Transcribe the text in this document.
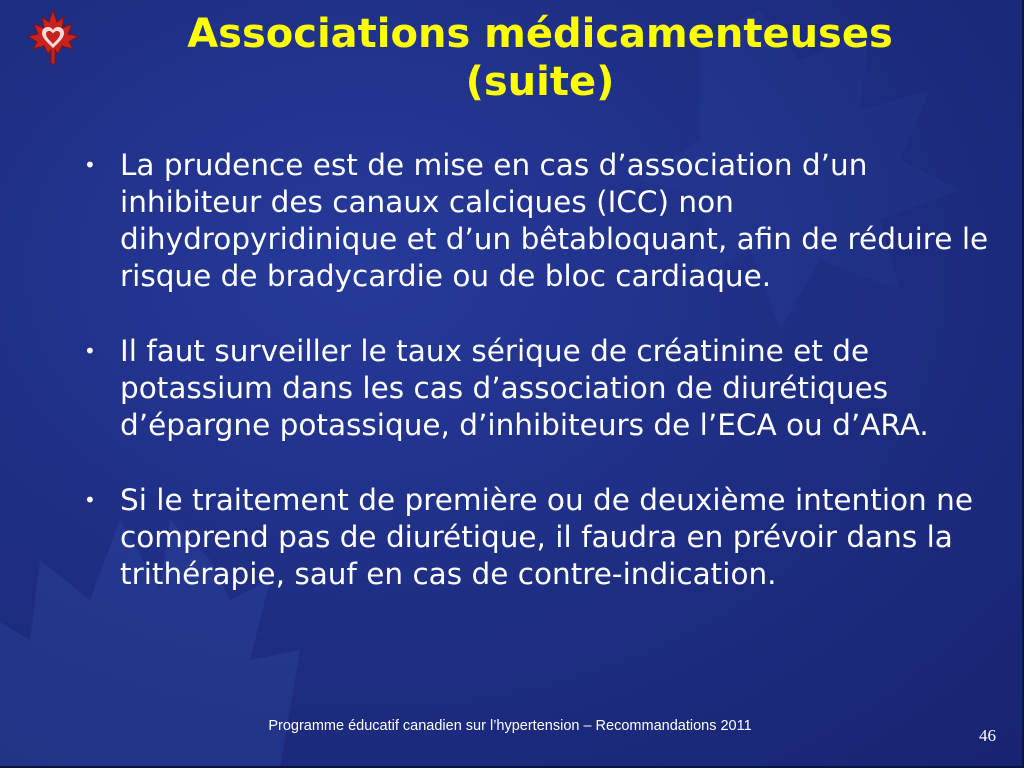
Associations médicamenteuses
(suite)
• La prudence est de mise en cas d’association d’un inhibiteur des canaux calciques (ICC) non dihydropyridinique et d’un bêtabloquant, afin de réduire le risque de bradycardie ou de bloc cardiaque.
• Il faut surveiller le taux sérique de créatinine et de potassium dans les cas d’association de diurétiques d’épargne potassique, d’inhibiteurs de l’ECA ou d’ARA.
• Si le traitement de première ou de deuxième intention ne comprend pas de diurétique, il faudra en prévoir dans la trithérapie, sauf en cas de contre-indication.
Programme éducatif canadien sur l’hypertension – Recommandations 2011	46
